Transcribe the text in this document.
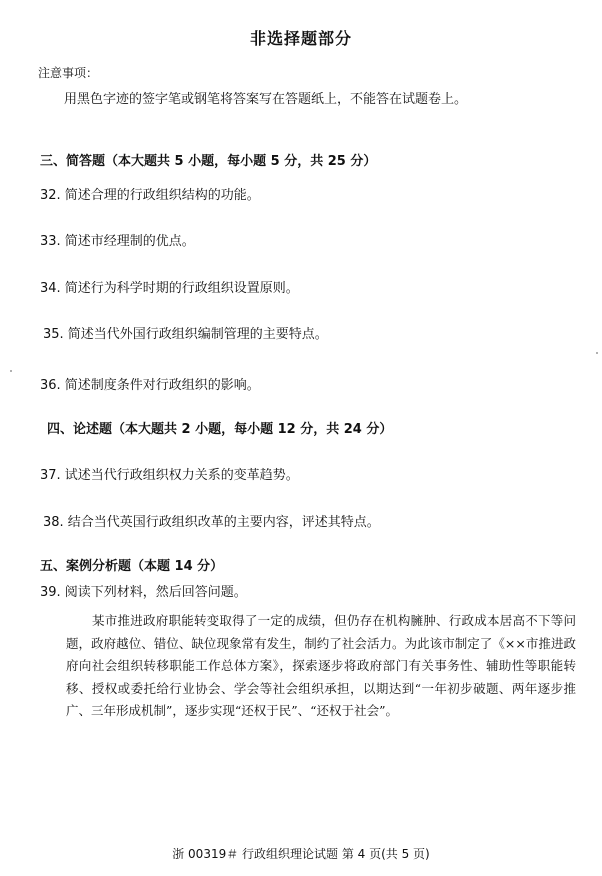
非选择题部分
注意事项：
用黑色字迹的签字笔或钢笔将答案写在答题纸上，不能答在试题卷上。
三、简答题（本大题共 5 小题，每小题 5 分，共 25 分）
32. 简述合理的行政组织结构的功能。
33. 简述市经理制的优点。
34. 简述行为科学时期的行政组织设置原则。
35. 简述当代外国行政组织编制管理的主要特点。
36. 简述制度条件对行政组织的影响。
四、论述题（本大题共 2 小题，每小题 12 分，共 24 分）
37. 试述当代行政组织权力关系的变革趋势。
38. 结合当代英国行政组织改革的主要内容，评述其特点。
五、案例分析题（本题 14 分）
39. 阅读下列材料，然后回答问题。
某市推进政府职能转变取得了一定的成绩，但仍存在机构臃肿、行政成本居高不下等问题，政府越位、错位、缺位现象常有发生，制约了社会活力。为此该市制定了《××市推进政府向社会组织转移职能工作总体方案》，探索逐步将政府部门有关事务性、辅助性等职能转移、授权或委托给行业协会、学会等社会组织承担，以期达到“一年初步破题、两年逐步推广、三年形成机制”，逐步实现“还权于民”、“还权于社会”。
浙 00319＃ 行政组织理论试题 第 4 页(共 5 页)
